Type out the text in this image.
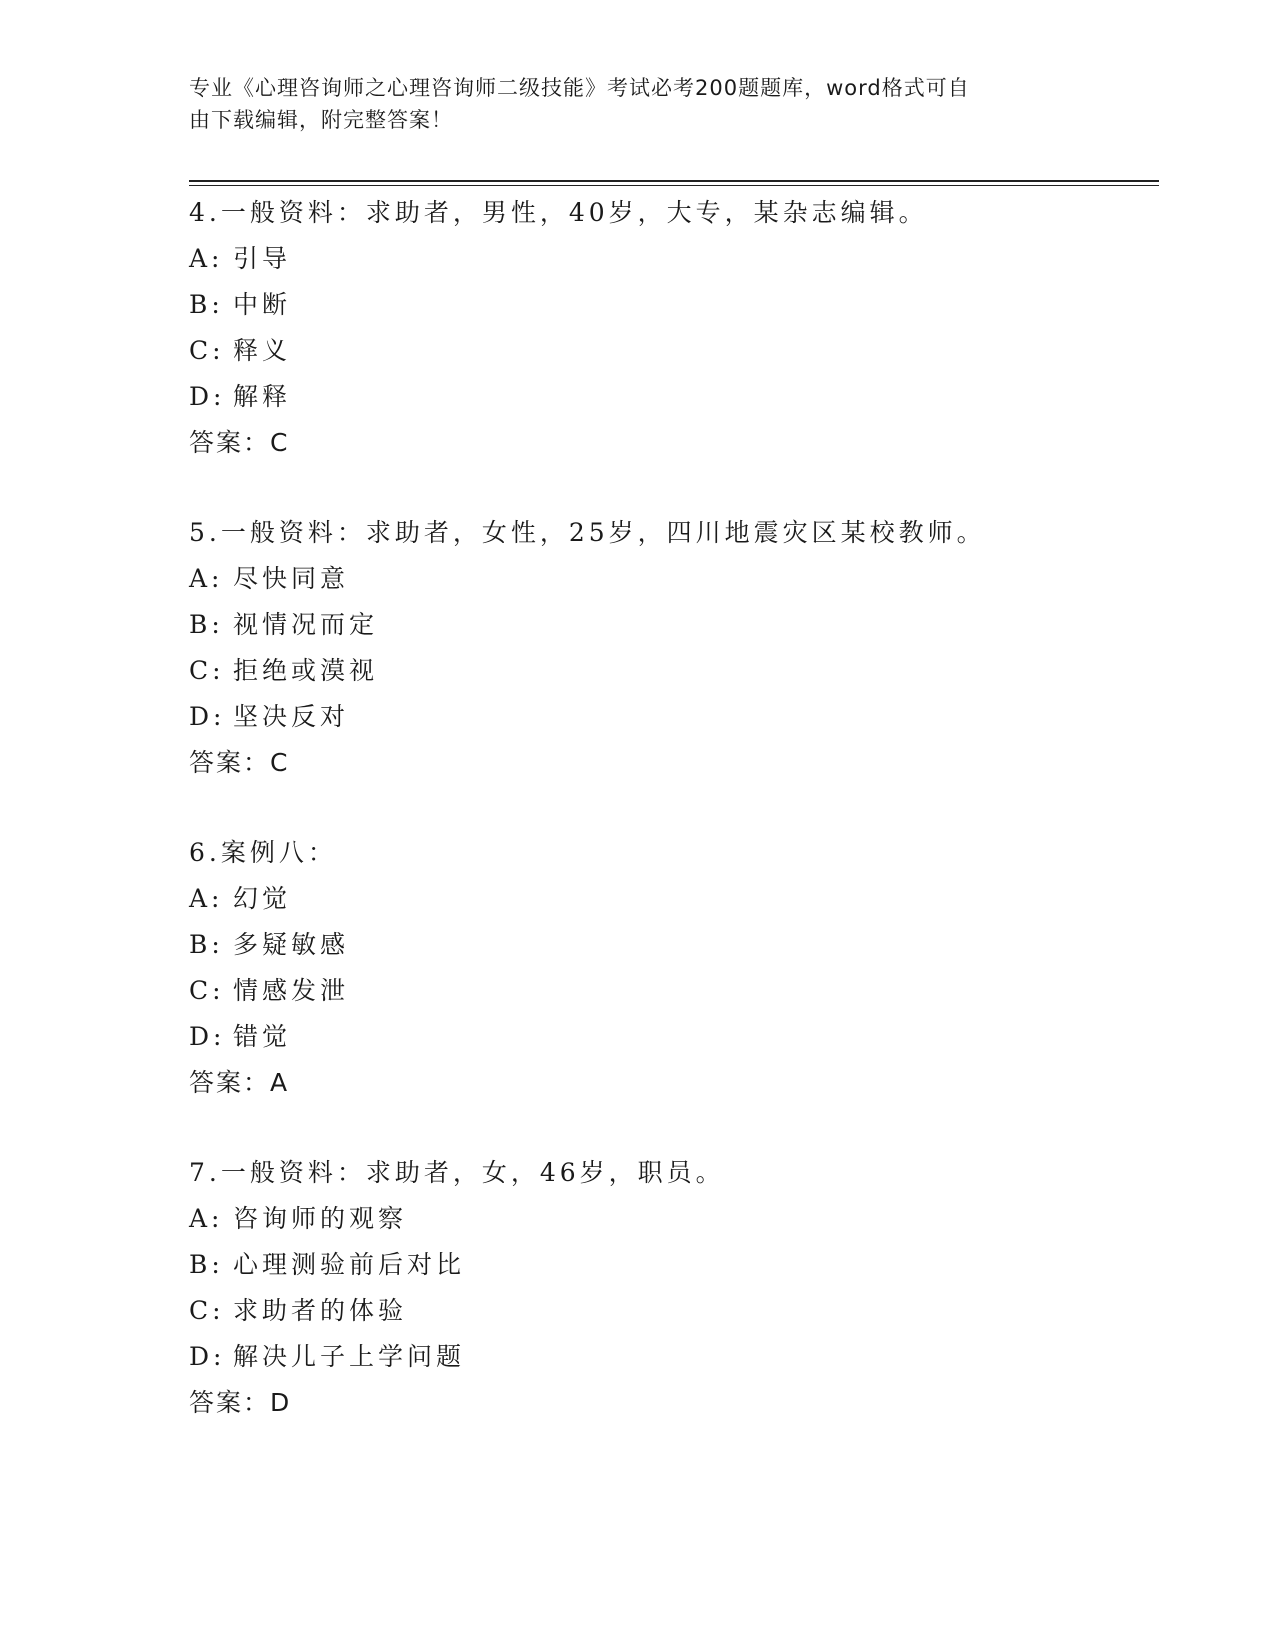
专业《心理咨询师之心理咨询师二级技能》考试必考200题题库，word格式可自
由下载编辑，附完整答案！
4.一般资料：求助者，男性，40岁，大专，某杂志编辑。
A: 引导
B: 中断
C: 释义
D: 解释
答案：C
5.一般资料：求助者，女性，25岁，四川地震灾区某校教师。
A: 尽快同意
B: 视情况而定
C: 拒绝或漠视
D: 坚决反对
答案：C
6.案例八：
A: 幻觉
B: 多疑敏感
C: 情感发泄
D: 错觉
答案：A
7.一般资料：求助者，女，46岁，职员。
A: 咨询师的观察
B: 心理测验前后对比
C: 求助者的体验
D: 解决儿子上学问题
答案：D
